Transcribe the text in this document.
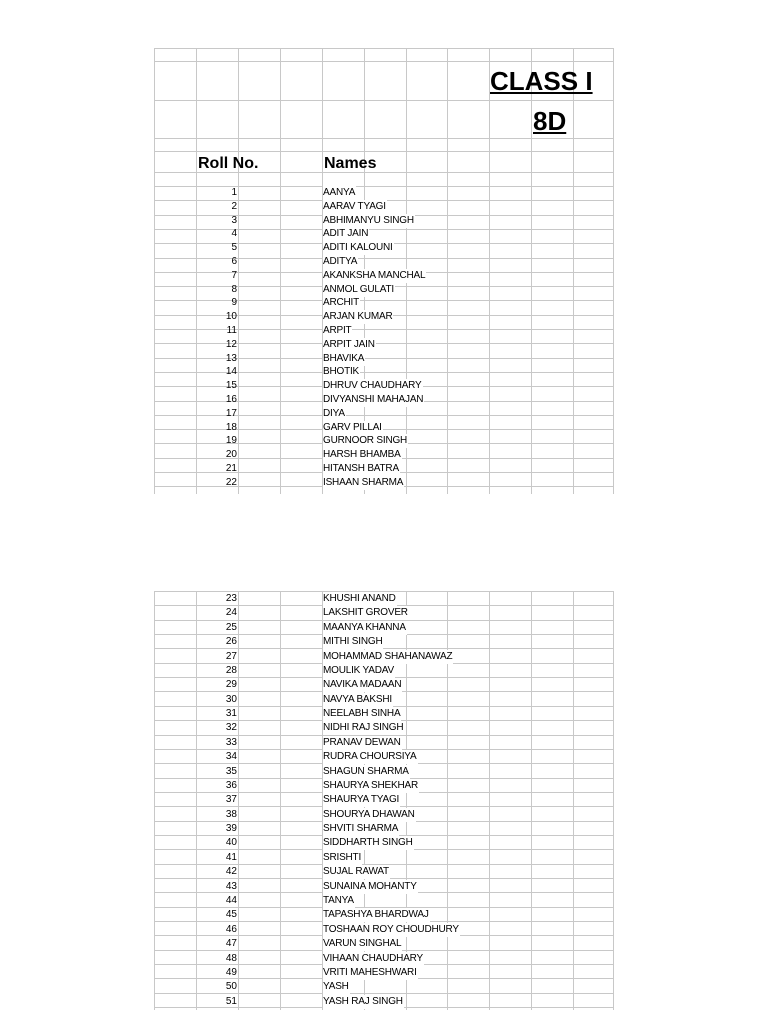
CLASS I
8D
Roll No.	Names
1	AANYA
2	AARAV TYAGI
3	ABHIMANYU SINGH
4	ADIT JAIN
5	ADITI KALOUNI
6	ADITYA
7	AKANKSHA MANCHAL
8	ANMOL GULATI
9	ARCHIT
10	ARJAN KUMAR
11	ARPIT
12	ARPIT JAIN
13	BHAVIKA
14	BHOTIK
15	DHRUV CHAUDHARY
16	DIVYANSHI MAHAJAN
17	DIYA
18	GARV PILLAI
19	GURNOOR SINGH
20	HARSH BHAMBA
21	HITANSH BATRA
22	ISHAAN SHARMA
23	KHUSHI ANAND
24	LAKSHIT GROVER
25	MAANYA KHANNA
26	MITHI SINGH
27	MOHAMMAD SHAHANAWAZ
28	MOULIK YADAV
29	NAVIKA MADAAN
30	NAVYA BAKSHI
31	NEELABH SINHA
32	NIDHI RAJ SINGH
33	PRANAV DEWAN
34	RUDRA CHOURSIYA
35	SHAGUN SHARMA
36	SHAURYA SHEKHAR
37	SHAURYA TYAGI
38	SHOURYA DHAWAN
39	SHVITI SHARMA
40	SIDDHARTH SINGH
41	SRISHTI
42	SUJAL RAWAT
43	SUNAINA MOHANTY
44	TANYA
45	TAPASHYA BHARDWAJ
46	TOSHAAN ROY CHOUDHURY
47	VARUN SINGHAL
48	VIHAAN CHAUDHARY
49	VRITI MAHESHWARI
50	YASH
51	YASH RAJ SINGH
